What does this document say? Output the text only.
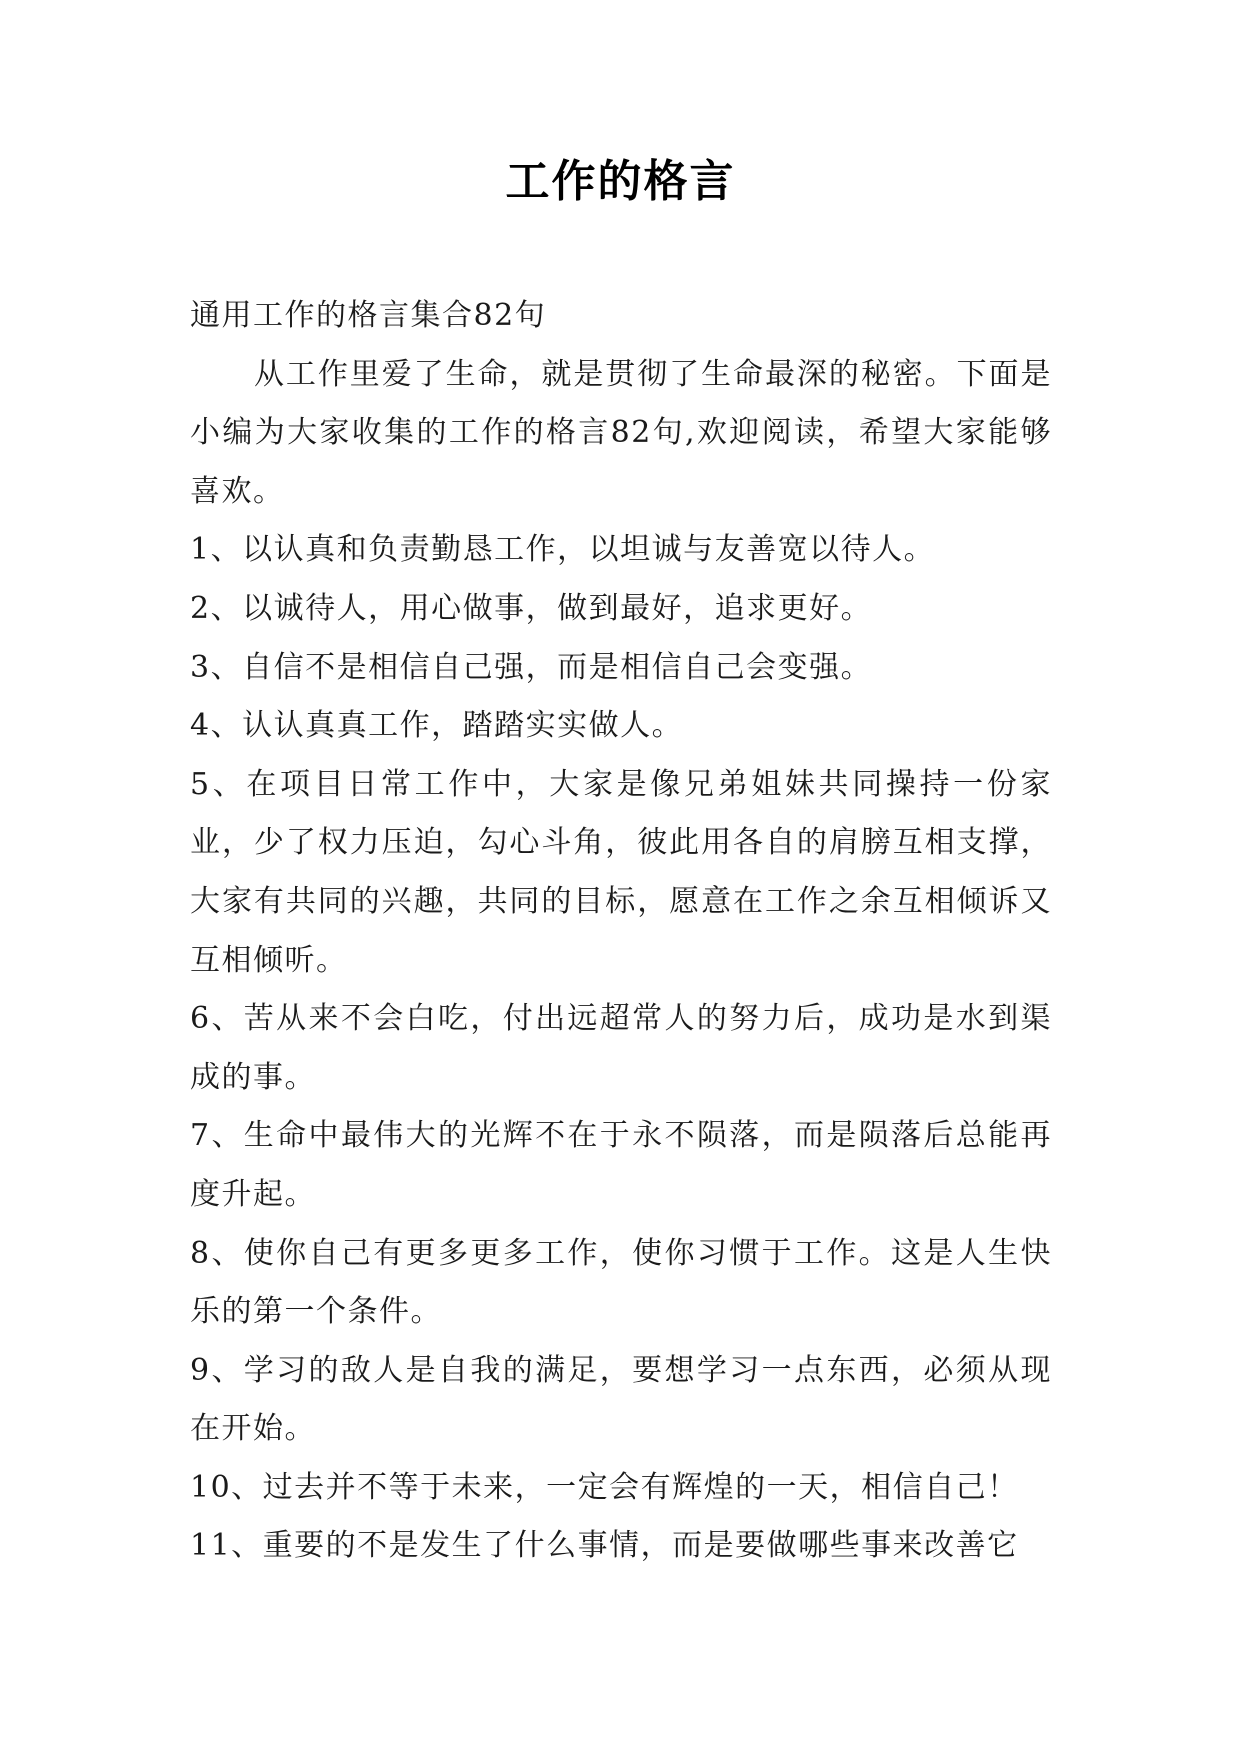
工作的格言

通用工作的格言集合82句

从工作里爱了生命，就是贯彻了生命最深的秘密。下面是小编为大家收集的工作的格言82句,欢迎阅读，希望大家能够喜欢。

1、以认真和负责勤恳工作，以坦诚与友善宽以待人。

2、以诚待人，用心做事，做到最好，追求更好。

3、自信不是相信自己强，而是相信自己会变强。

4、认认真真工作，踏踏实实做人。

5、在项目日常工作中，大家是像兄弟姐妹共同操持一份家业，少了权力压迫，勾心斗角，彼此用各自的肩膀互相支撑，大家有共同的兴趣，共同的目标，愿意在工作之余互相倾诉又互相倾听。

6、苦从来不会白吃，付出远超常人的努力后，成功是水到渠成的事。

7、生命中最伟大的光辉不在于永不陨落，而是陨落后总能再度升起。

8、使你自己有更多更多工作，使你习惯于工作。这是人生快乐的第一个条件。

9、学习的敌人是自我的满足，要想学习一点东西，必须从现在开始。

10、过去并不等于未来，一定会有辉煌的一天，相信自己！

11、重要的不是发生了什么事情，而是要做哪些事来改善它
